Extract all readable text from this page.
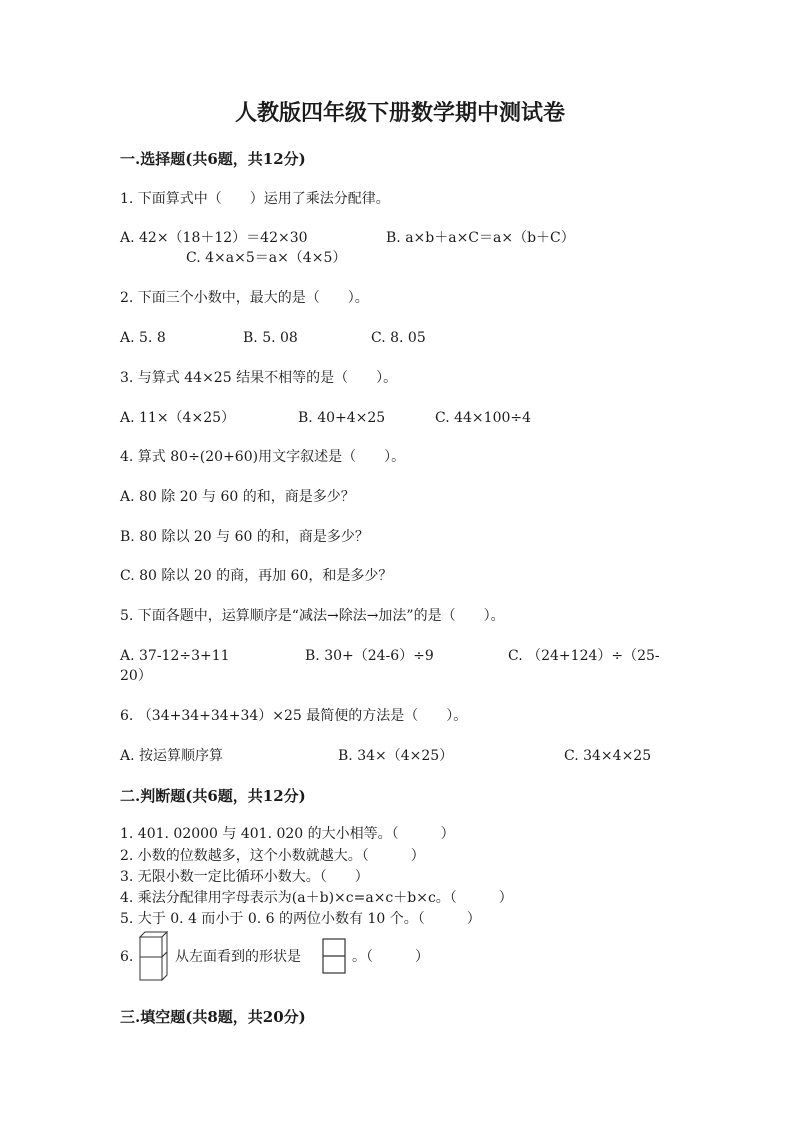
人教版四年级下册数学期中测试卷
一.选择题(共6题，共12分)
1. 下面算式中（　　）运用了乘法分配律。
A. 42×（18＋12）＝42×30	B. a×b＋a×C＝a×（b＋C）
C. 4×a×5＝a×（4×5）
2. 下面三个小数中，最大的是（　　）。
A. 5. 8	B. 5. 08	C. 8. 05
3. 与算式 44×25 结果不相等的是（　　）。
A. 11×（4×25）	B. 40+4×25	C. 44×100÷4
4. 算式 80÷(20+60)用文字叙述是（　　）。
A. 80 除 20 与 60 的和，商是多少？
B. 80 除以 20 与 60 的和，商是多少？
C. 80 除以 20 的商，再加 60，和是多少？
5. 下面各题中，运算顺序是“减法→除法→加法”的是（　　）。
A. 37-12÷3+11	B. 30+（24-6）÷9	C. （24+124）÷（25-
20）
6. （34+34+34+34）×25 最简便的方法是（　　）。
A. 按运算顺序算	B. 34×（4×25）	C. 34×4×25
二.判断题(共6题，共12分)
1. 401. 02000 与 401. 020 的大小相等。（　　　）
2. 小数的位数越多，这个小数就越大。（　　　）
3. 无限小数一定比循环小数大。（　　）
4. 乘法分配律用字母表示为(a＋b)×c=a×c＋b×c。（　　　）
5. 大于 0. 4 而小于 0. 6 的两位小数有 10 个。（　　　）
6.	从左面看到的形状是	。（　　　）
三.填空题(共8题，共20分)
